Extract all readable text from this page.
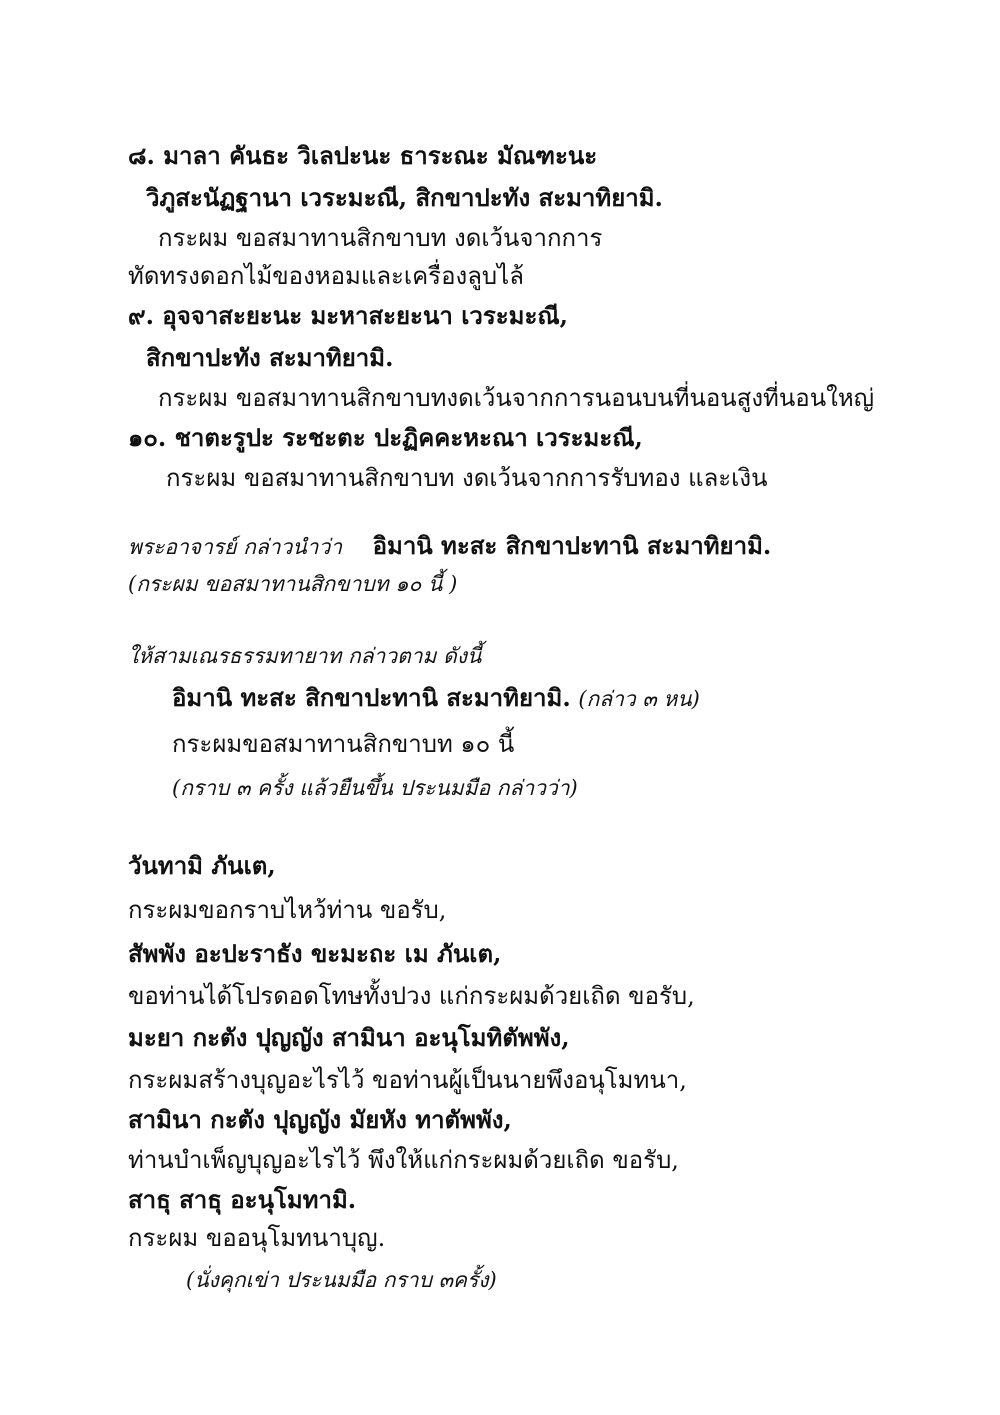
๘. มาลา คันธะ วิเลปะนะ ธาระณะ มัณฑะนะ

วิภูสะนัฏฐานา เวระมะณี, สิกขาปะทัง สะมาทิยามิ.

กระผม ขอสมาทานสิกขาบท งดเว้นจากการ

ทัดทรงดอกไม้ของหอมและเครื่องลูบไล้

๙. อุจจาสะยะนะ มะหาสะยะนา เวระมะณี,

สิกขาปะทัง สะมาทิยามิ.

กระผม ขอสมาทานสิกขาบทงดเว้นจากการนอนบนที่นอนสูงที่นอนใหญ่

๑๐. ชาตะรูปะ ระชะตะ ปะฏิคคะหะณา เวระมะณี,

กระผม ขอสมาทานสิกขาบท งดเว้นจากการรับทอง และเงิน

พระอาจารย์ กล่าวนำว่า อิมานิ ทะสะ สิกขาปะทานิ สะมาทิยามิ.

(กระผม ขอสมาทานสิกขาบท ๑๐ นี้ )

ให้สามเณรธรรมทายาท กล่าวตาม ดังนี้

อิมานิ ทะสะ สิกขาปะทานิ สะมาทิยามิ. (กล่าว ๓ หน)

กระผมขอสมาทานสิกขาบท ๑๐ นี้

(กราบ ๓ ครั้ง แล้วยืนขึ้น ประนมมือ กล่าวว่า)

วันทามิ ภันเต,

กระผมขอกราบไหว้ท่าน ขอรับ,

สัพพัง อะปะราธัง ขะมะถะ เม ภันเต,

ขอท่านได้โปรดอดโทษทั้งปวง แก่กระผมด้วยเถิด ขอรับ,

มะยา กะตัง ปุญญัง สามินา อะนุโมทิตัพพัง,

กระผมสร้างบุญอะไรไว้ ขอท่านผู้เป็นนายพึงอนุโมทนา,

สามินา กะตัง ปุญญัง มัยหัง ทาตัพพัง,

ท่านบำเพ็ญบุญอะไรไว้ พึงให้แก่กระผมด้วยเถิด ขอรับ,

สาธุ สาธุ อะนุโมทามิ.

กระผม ขออนุโมทนาบุญ.

(นั่งคุกเข่า ประนมมือ กราบ ๓ครั้ง)
